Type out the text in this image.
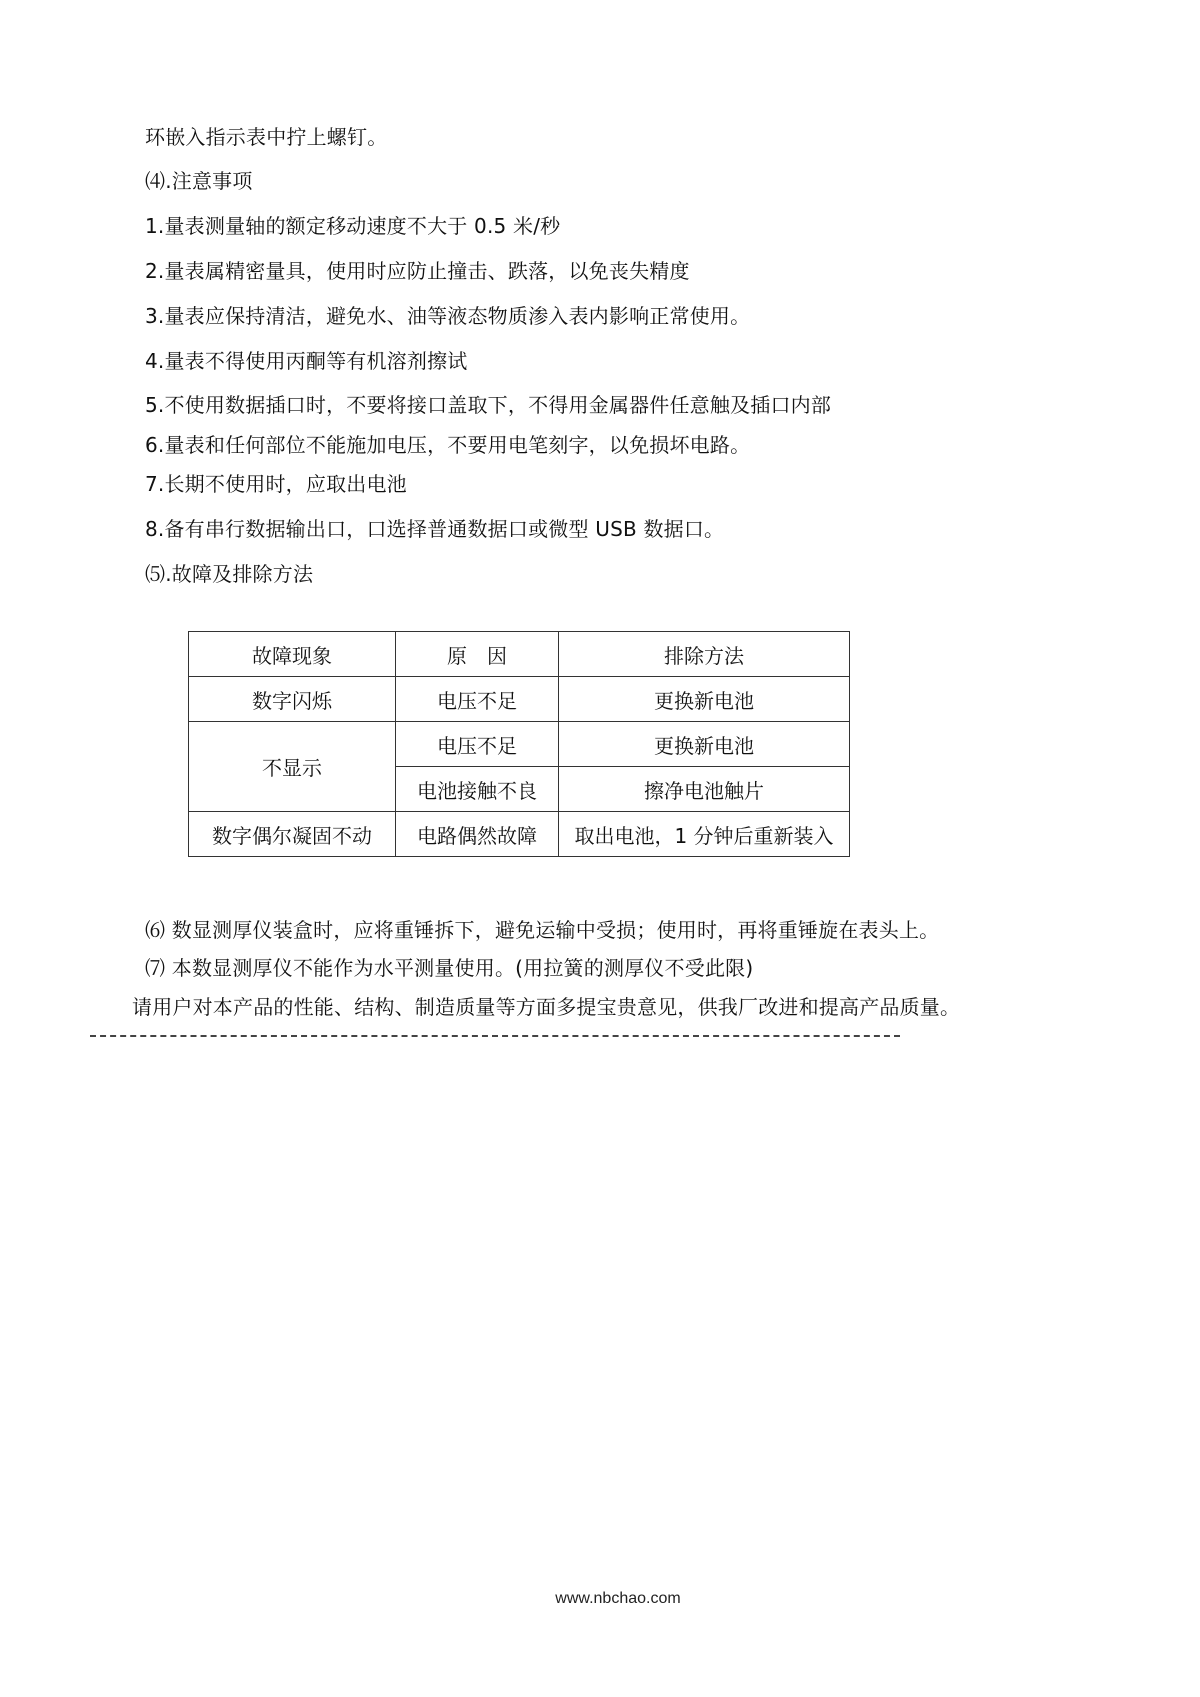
环嵌入指示表中拧上螺钉。
⑷.注意事项
1.量表测量轴的额定移动速度不大于 0.5 米/秒
2.量表属精密量具，使用时应防止撞击、跌落，以免丧失精度
3.量表应保持清洁，避免水、油等液态物质渗入表内影响正常使用。
4.量表不得使用丙酮等有机溶剂擦试
5.不使用数据插口时，不要将接口盖取下，不得用金属器件任意触及插口内部
6.量表和任何部位不能施加电压，不要用电笔刻字，以免损坏电路。
7.长期不使用时，应取出电池
8.备有串行数据输出口，口选择普通数据口或微型 USB 数据口。
⑸.故障及排除方法
故障现象	原　因	排除方法
数字闪烁	电压不足	更换新电池
不显示	电压不足	更换新电池
	电池接触不良	擦净电池触片
数字偶尔凝固不动	电路偶然故障	取出电池，1 分钟后重新装入
⑹ 数显测厚仪装盒时，应将重锤拆下，避免运输中受损；使用时，再将重锤旋在表头上。
⑺ 本数显测厚仪不能作为水平测量使用。(用拉簧的测厚仪不受此限)
请用户对本产品的性能、结构、制造质量等方面多提宝贵意见，供我厂改进和提高产品质量。
www.nbchao.com
